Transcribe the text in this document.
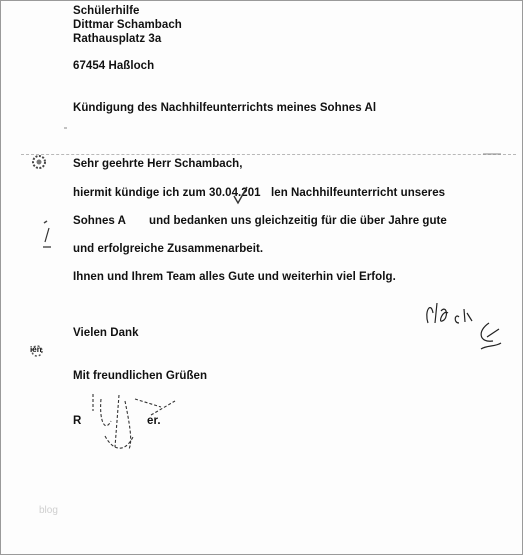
Schülerhilfe
Dittmar Schambach
Rathausplatz 3a
67454 Haßloch
Kündigung des Nachhilfeunterrichts meines Sohnes Al
Sehr geehrte Herr Schambach,
hiermit kündige ich zum 30.04.201 len Nachhilfeunterricht unseres
Sohnes A und bedanken uns gleichzeitig für die über Jahre gute
und erfolgreiche Zusammenarbeit.
Ihnen und Ihrem Team alles Gute und weiterhin viel Erfolg.
Vielen Dank
Mit freundlichen Grüßen
R	er.
ien
blog
